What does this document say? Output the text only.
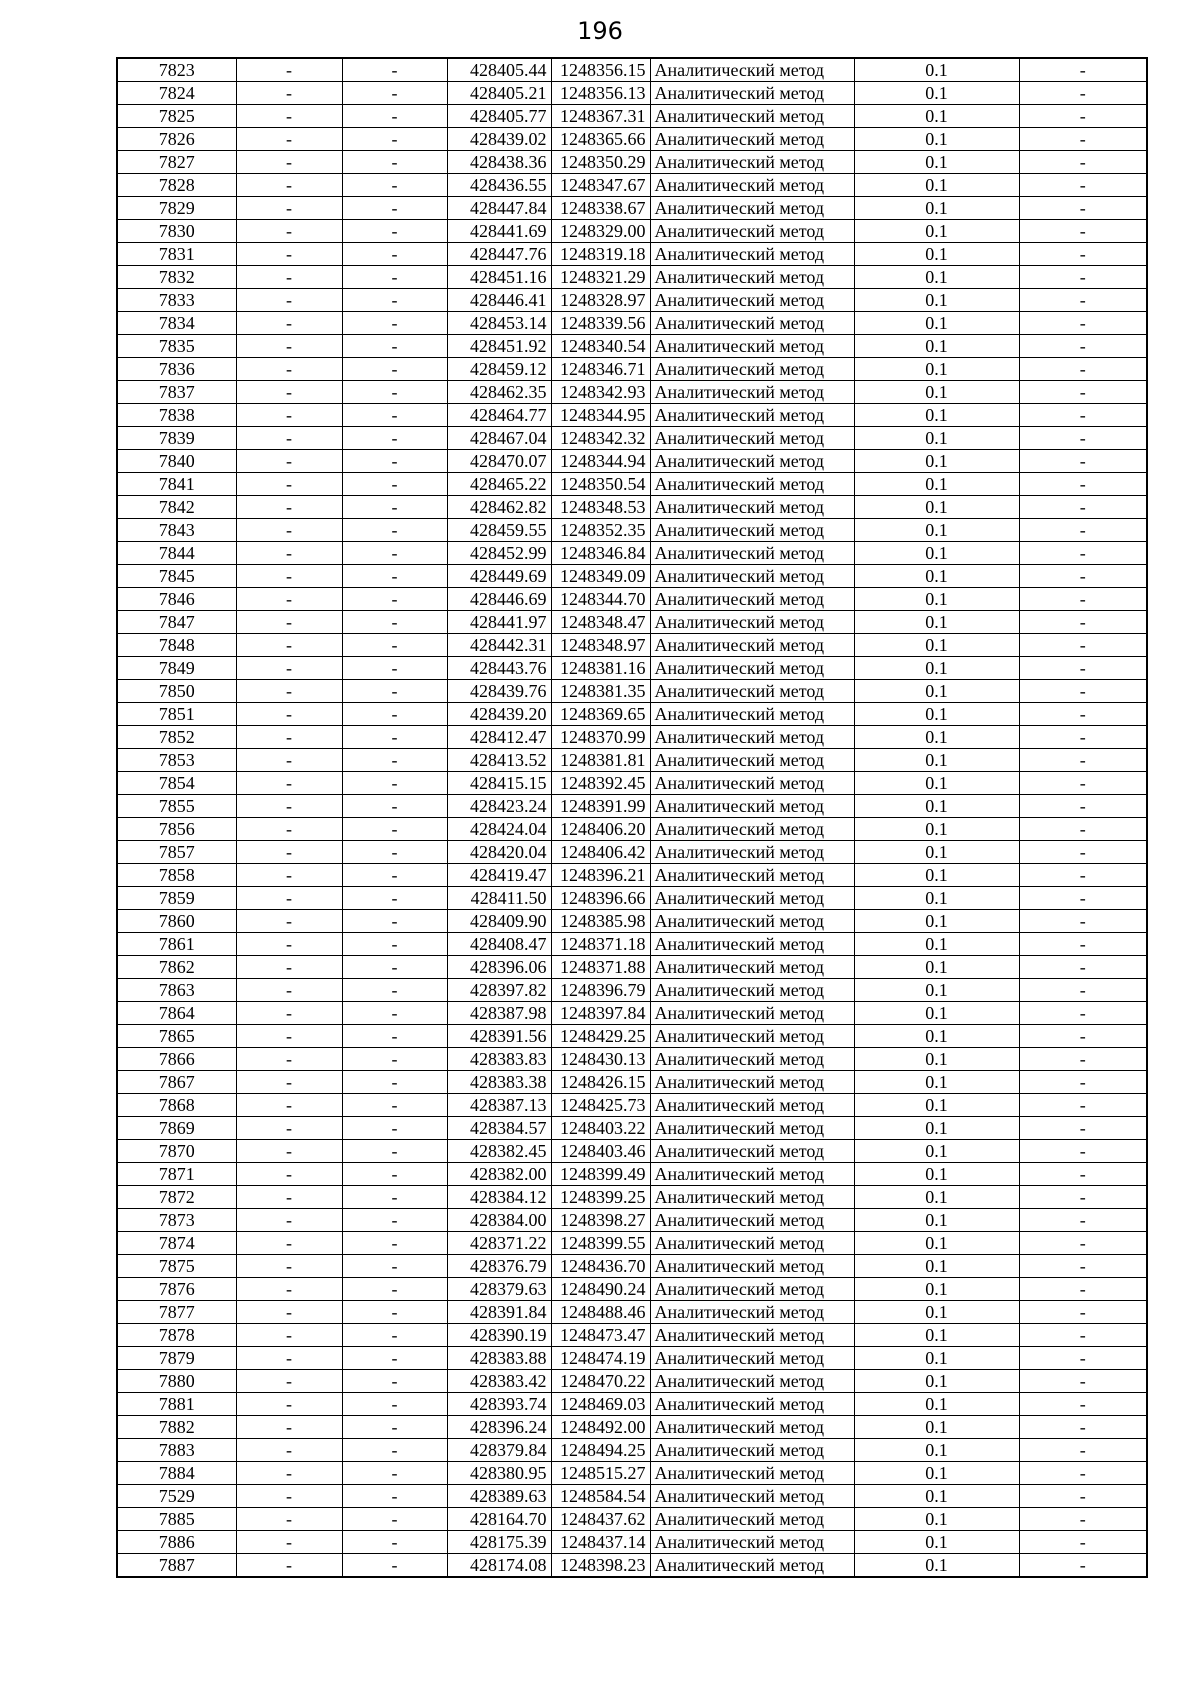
196
7823	-	-	428405.44	1248356.15	Аналитический метод	0.1	-
7824	-	-	428405.21	1248356.13	Аналитический метод	0.1	-
7825	-	-	428405.77	1248367.31	Аналитический метод	0.1	-
7826	-	-	428439.02	1248365.66	Аналитический метод	0.1	-
7827	-	-	428438.36	1248350.29	Аналитический метод	0.1	-
7828	-	-	428436.55	1248347.67	Аналитический метод	0.1	-
7829	-	-	428447.84	1248338.67	Аналитический метод	0.1	-
7830	-	-	428441.69	1248329.00	Аналитический метод	0.1	-
7831	-	-	428447.76	1248319.18	Аналитический метод	0.1	-
7832	-	-	428451.16	1248321.29	Аналитический метод	0.1	-
7833	-	-	428446.41	1248328.97	Аналитический метод	0.1	-
7834	-	-	428453.14	1248339.56	Аналитический метод	0.1	-
7835	-	-	428451.92	1248340.54	Аналитический метод	0.1	-
7836	-	-	428459.12	1248346.71	Аналитический метод	0.1	-
7837	-	-	428462.35	1248342.93	Аналитический метод	0.1	-
7838	-	-	428464.77	1248344.95	Аналитический метод	0.1	-
7839	-	-	428467.04	1248342.32	Аналитический метод	0.1	-
7840	-	-	428470.07	1248344.94	Аналитический метод	0.1	-
7841	-	-	428465.22	1248350.54	Аналитический метод	0.1	-
7842	-	-	428462.82	1248348.53	Аналитический метод	0.1	-
7843	-	-	428459.55	1248352.35	Аналитический метод	0.1	-
7844	-	-	428452.99	1248346.84	Аналитический метод	0.1	-
7845	-	-	428449.69	1248349.09	Аналитический метод	0.1	-
7846	-	-	428446.69	1248344.70	Аналитический метод	0.1	-
7847	-	-	428441.97	1248348.47	Аналитический метод	0.1	-
7848	-	-	428442.31	1248348.97	Аналитический метод	0.1	-
7849	-	-	428443.76	1248381.16	Аналитический метод	0.1	-
7850	-	-	428439.76	1248381.35	Аналитический метод	0.1	-
7851	-	-	428439.20	1248369.65	Аналитический метод	0.1	-
7852	-	-	428412.47	1248370.99	Аналитический метод	0.1	-
7853	-	-	428413.52	1248381.81	Аналитический метод	0.1	-
7854	-	-	428415.15	1248392.45	Аналитический метод	0.1	-
7855	-	-	428423.24	1248391.99	Аналитический метод	0.1	-
7856	-	-	428424.04	1248406.20	Аналитический метод	0.1	-
7857	-	-	428420.04	1248406.42	Аналитический метод	0.1	-
7858	-	-	428419.47	1248396.21	Аналитический метод	0.1	-
7859	-	-	428411.50	1248396.66	Аналитический метод	0.1	-
7860	-	-	428409.90	1248385.98	Аналитический метод	0.1	-
7861	-	-	428408.47	1248371.18	Аналитический метод	0.1	-
7862	-	-	428396.06	1248371.88	Аналитический метод	0.1	-
7863	-	-	428397.82	1248396.79	Аналитический метод	0.1	-
7864	-	-	428387.98	1248397.84	Аналитический метод	0.1	-
7865	-	-	428391.56	1248429.25	Аналитический метод	0.1	-
7866	-	-	428383.83	1248430.13	Аналитический метод	0.1	-
7867	-	-	428383.38	1248426.15	Аналитический метод	0.1	-
7868	-	-	428387.13	1248425.73	Аналитический метод	0.1	-
7869	-	-	428384.57	1248403.22	Аналитический метод	0.1	-
7870	-	-	428382.45	1248403.46	Аналитический метод	0.1	-
7871	-	-	428382.00	1248399.49	Аналитический метод	0.1	-
7872	-	-	428384.12	1248399.25	Аналитический метод	0.1	-
7873	-	-	428384.00	1248398.27	Аналитический метод	0.1	-
7874	-	-	428371.22	1248399.55	Аналитический метод	0.1	-
7875	-	-	428376.79	1248436.70	Аналитический метод	0.1	-
7876	-	-	428379.63	1248490.24	Аналитический метод	0.1	-
7877	-	-	428391.84	1248488.46	Аналитический метод	0.1	-
7878	-	-	428390.19	1248473.47	Аналитический метод	0.1	-
7879	-	-	428383.88	1248474.19	Аналитический метод	0.1	-
7880	-	-	428383.42	1248470.22	Аналитический метод	0.1	-
7881	-	-	428393.74	1248469.03	Аналитический метод	0.1	-
7882	-	-	428396.24	1248492.00	Аналитический метод	0.1	-
7883	-	-	428379.84	1248494.25	Аналитический метод	0.1	-
7884	-	-	428380.95	1248515.27	Аналитический метод	0.1	-
7529	-	-	428389.63	1248584.54	Аналитический метод	0.1	-
7885	-	-	428164.70	1248437.62	Аналитический метод	0.1	-
7886	-	-	428175.39	1248437.14	Аналитический метод	0.1	-
7887	-	-	428174.08	1248398.23	Аналитический метод	0.1	-
